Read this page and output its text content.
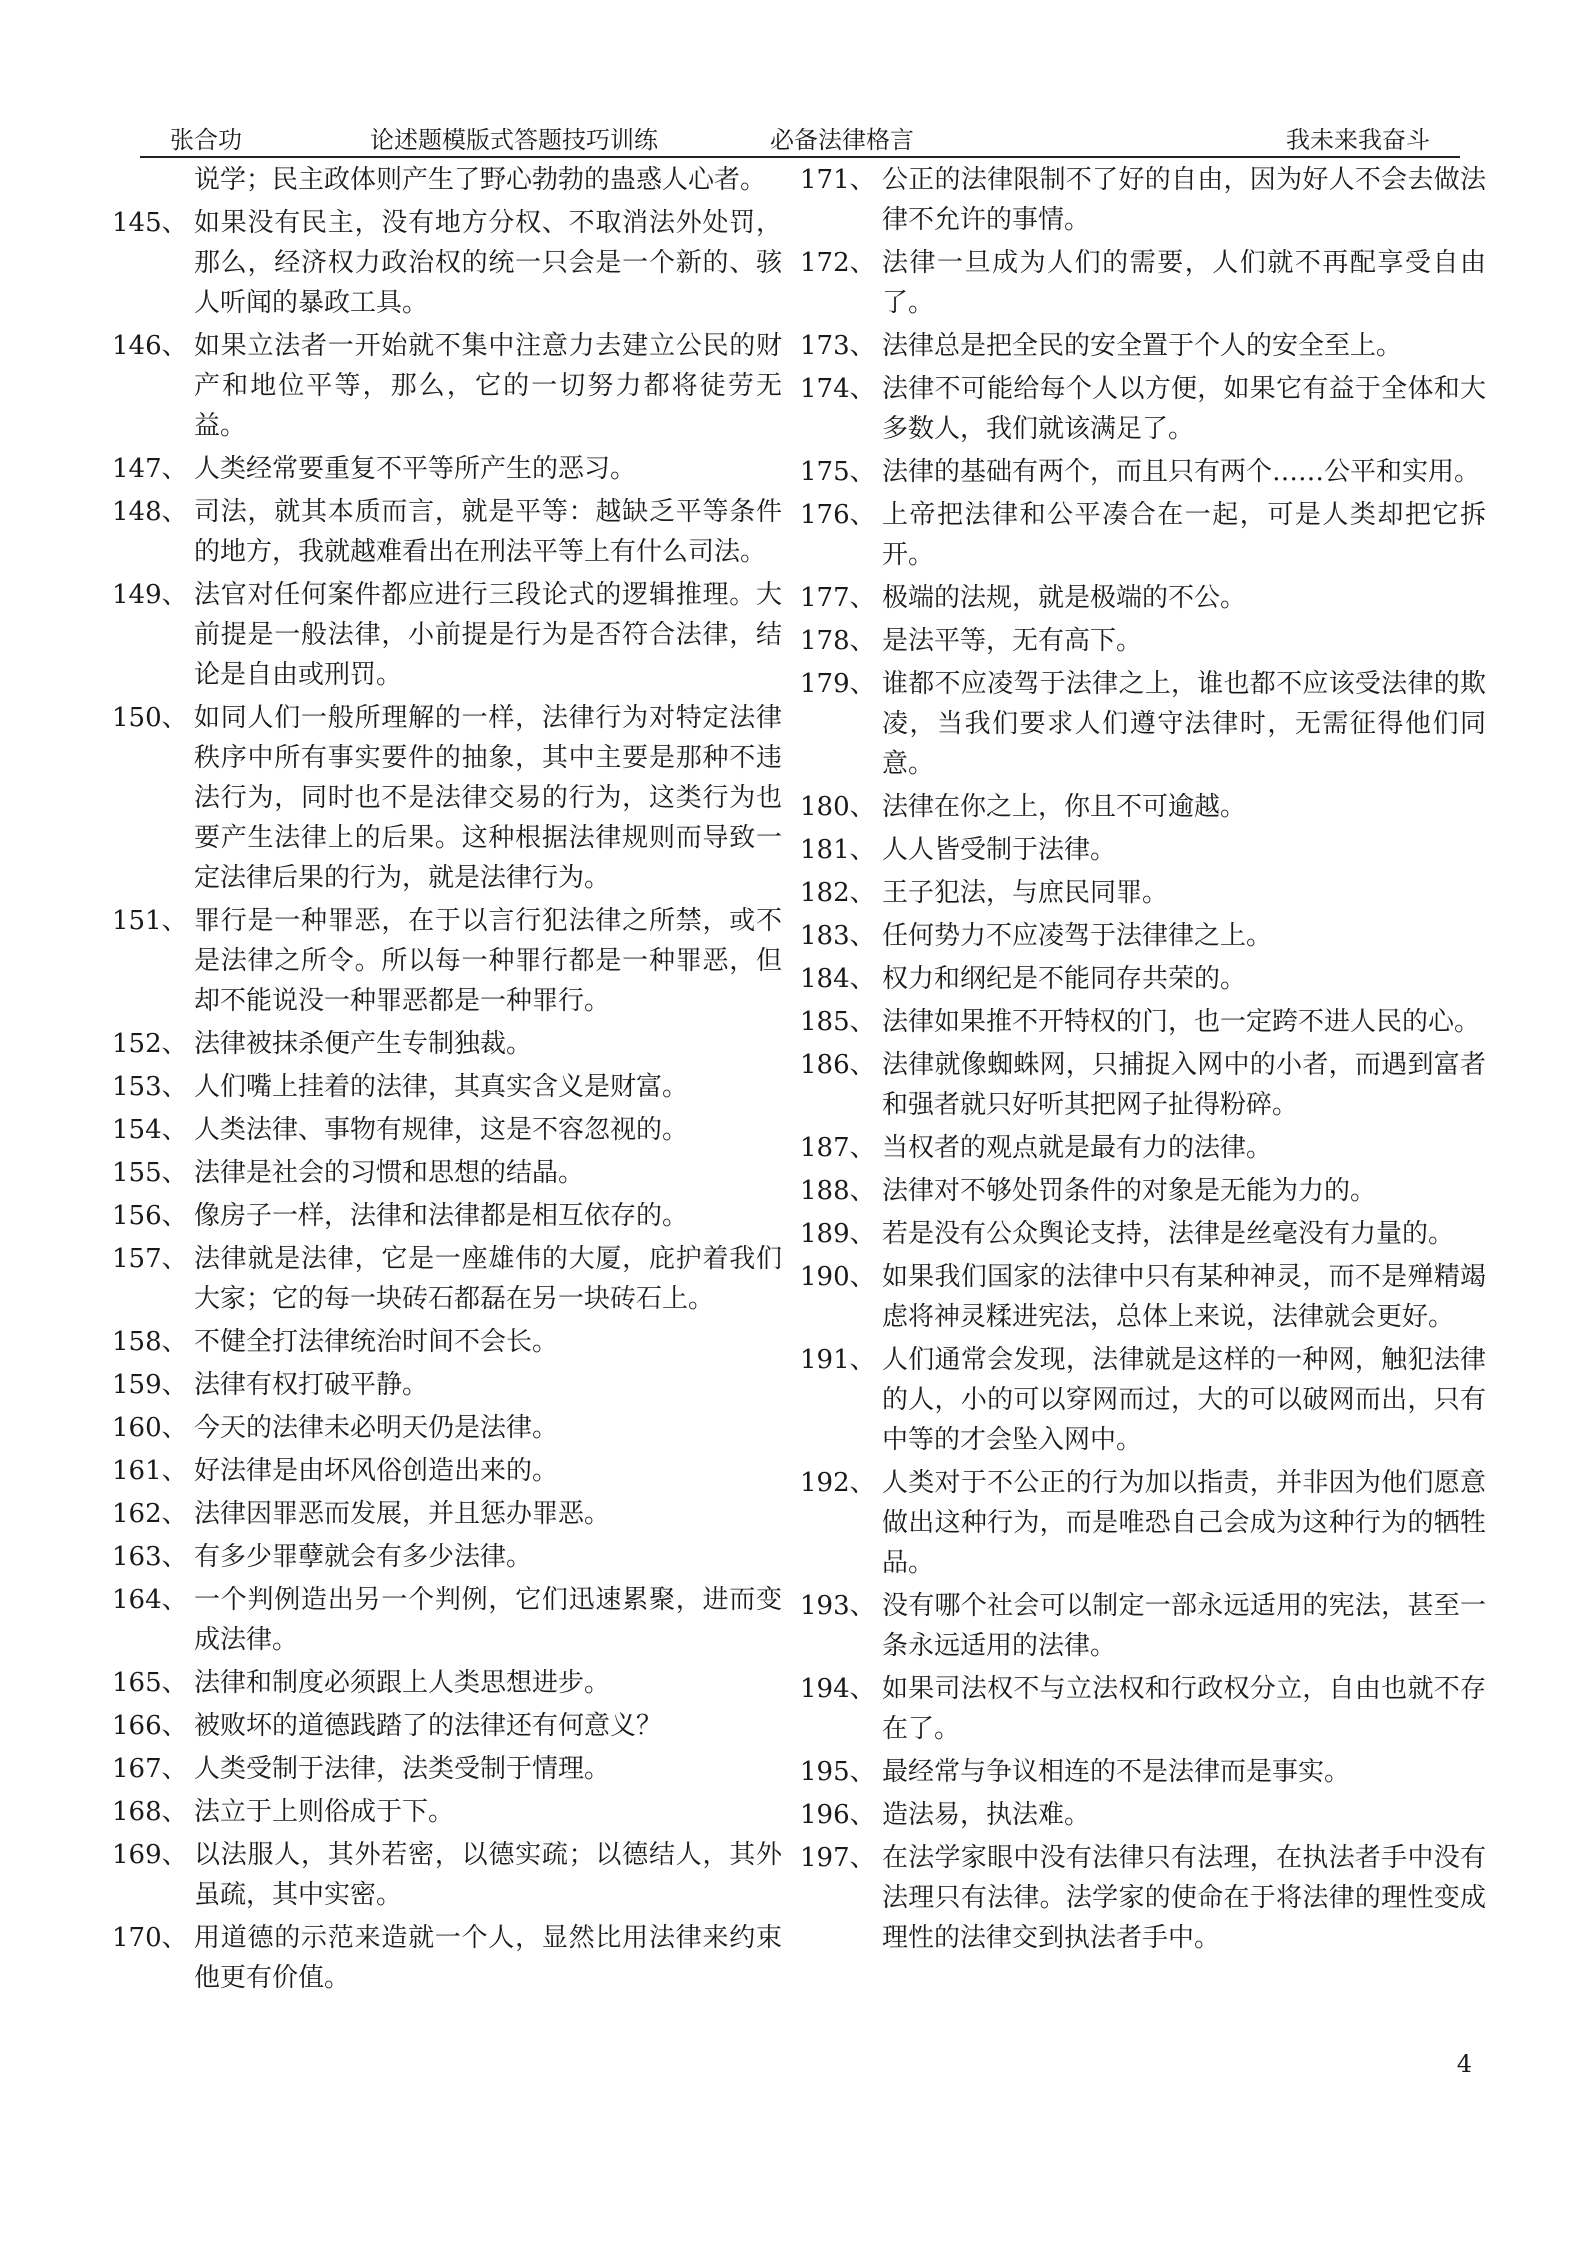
张合功	论述题模版式答题技巧训练	必备法律格言	我未来我奋斗
说学；民主政体则产生了野心勃勃的蛊惑人心者。
145、 如果没有民主，没有地方分权、不取消法外处罚，那么，经济权力政治权的统一只会是一个新的、骇人听闻的暴政工具。
146、 如果立法者一开始就不集中注意力去建立公民的财产和地位平等，那么，它的一切努力都将徒劳无益。
147、 人类经常要重复不平等所产生的恶习。
148、 司法，就其本质而言，就是平等：越缺乏平等条件的地方，我就越难看出在刑法平等上有什么司法。
149、 法官对任何案件都应进行三段论式的逻辑推理。大前提是一般法律，小前提是行为是否符合法律，结论是自由或刑罚。
150、 如同人们一般所理解的一样，法律行为对特定法律秩序中所有事实要件的抽象，其中主要是那种不违法行为，同时也不是法律交易的行为，这类行为也要产生法律上的后果。这种根据法律规则而导致一定法律后果的行为，就是法律行为。
151、 罪行是一种罪恶，在于以言行犯法律之所禁，或不是法律之所令。所以每一种罪行都是一种罪恶，但却不能说没一种罪恶都是一种罪行。
152、 法律被抹杀便产生专制独裁。
153、 人们嘴上挂着的法律，其真实含义是财富。
154、 人类法律、事物有规律，这是不容忽视的。
155、 法律是社会的习惯和思想的结晶。
156、 像房子一样，法律和法律都是相互依存的。
157、 法律就是法律，它是一座雄伟的大厦，庇护着我们大家；它的每一块砖石都磊在另一块砖石上。
158、 不健全打法律统治时间不会长。
159、 法律有权打破平静。
160、 今天的法律未必明天仍是法律。
161、 好法律是由坏风俗创造出来的。
162、 法律因罪恶而发展，并且惩办罪恶。
163、 有多少罪孽就会有多少法律。
164、 一个判例造出另一个判例，它们迅速累聚，进而变成法律。
165、 法律和制度必须跟上人类思想进步。
166、 被败坏的道德践踏了的法律还有何意义？
167、 人类受制于法律，法类受制于情理。
168、 法立于上则俗成于下。
169、 以法服人，其外若密，以德实疏；以德结人，其外虽疏，其中实密。
170、 用道德的示范来造就一个人，显然比用法律来约束他更有价值。
171、 公正的法律限制不了好的自由，因为好人不会去做法律不允许的事情。
172、 法律一旦成为人们的需要，人们就不再配享受自由了。
173、 法律总是把全民的安全置于个人的安全至上。
174、 法律不可能给每个人以方便，如果它有益于全体和大多数人，我们就该满足了。
175、 法律的基础有两个，而且只有两个……公平和实用。
176、 上帝把法律和公平凑合在一起，可是人类却把它拆开。
177、 极端的法规，就是极端的不公。
178、 是法平等，无有高下。
179、 谁都不应凌驾于法律之上，谁也都不应该受法律的欺凌，当我们要求人们遵守法律时，无需征得他们同意。
180、 法律在你之上，你且不可逾越。
181、 人人皆受制于法律。
182、 王子犯法，与庶民同罪。
183、 任何势力不应凌驾于法律律之上。
184、 权力和纲纪是不能同存共荣的。
185、 法律如果推不开特权的门，也一定跨不进人民的心。
186、 法律就像蜘蛛网，只捕捉入网中的小者，而遇到富者和强者就只好听其把网子扯得粉碎。
187、 当权者的观点就是最有力的法律。
188、 法律对不够处罚条件的对象是无能为力的。
189、 若是没有公众舆论支持，法律是丝毫没有力量的。
190、 如果我们国家的法律中只有某种神灵，而不是殚精竭虑将神灵糅进宪法，总体上来说，法律就会更好。
191、 人们通常会发现，法律就是这样的一种网，触犯法律的人，小的可以穿网而过，大的可以破网而出，只有中等的才会坠入网中。
192、 人类对于不公正的行为加以指责，并非因为他们愿意做出这种行为，而是唯恐自己会成为这种行为的牺牲品。
193、 没有哪个社会可以制定一部永远适用的宪法，甚至一条永远适用的法律。
194、 如果司法权不与立法权和行政权分立，自由也就不存在了。
195、 最经常与争议相连的不是法律而是事实。
196、 造法易，执法难。
197、 在法学家眼中没有法律只有法理，在执法者手中没有法理只有法律。法学家的使命在于将法律的理性变成理性的法律交到执法者手中。
4
